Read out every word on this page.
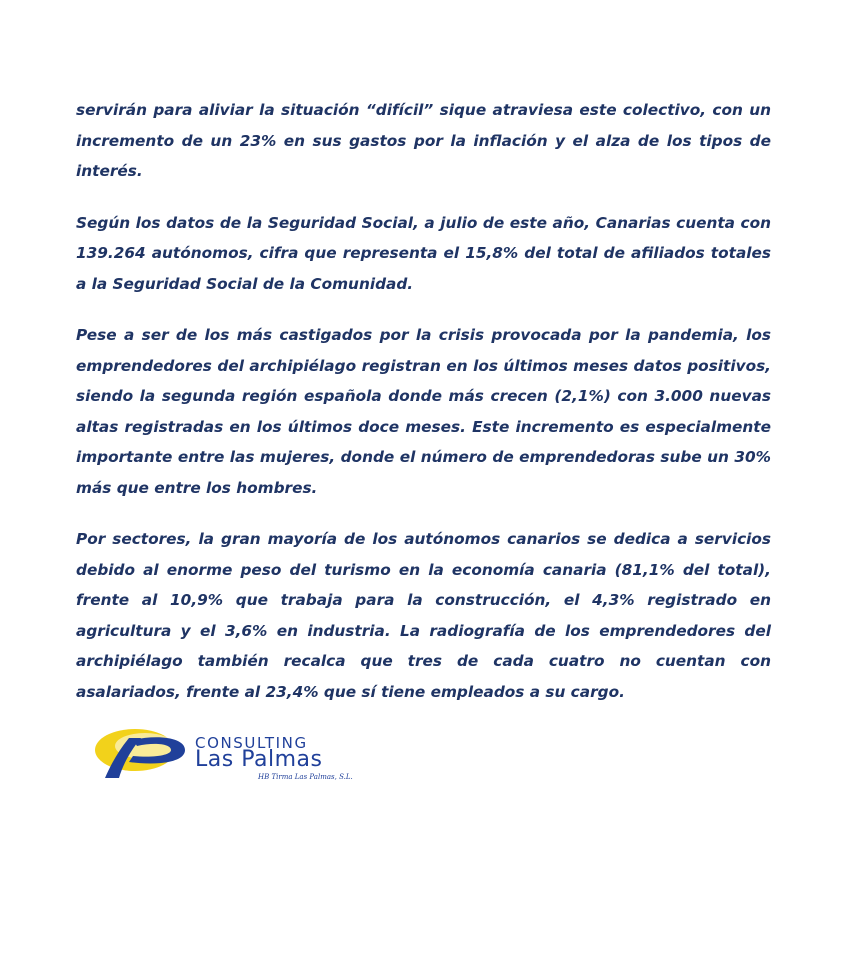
servirán para aliviar la situación “difícil” sique atraviesa este colectivo, con un incremento de un 23% en sus gastos por la inflación y el alza de los tipos de interés.

Según los datos de la Seguridad Social, a julio de este año, Canarias cuenta con 139.264 autónomos, cifra que representa el 15,8% del total de afiliados totales a la Seguridad Social de la Comunidad.

Pese a ser de los más castigados por la crisis provocada por la pandemia, los emprendedores del archipiélago registran en los últimos meses datos positivos, siendo la segunda región española donde más crecen (2,1%) con 3.000 nuevas altas registradas en los últimos doce meses. Este incremento es especialmente importante entre las mujeres, donde el número de emprendedoras sube un 30% más que entre los hombres.

Por sectores, la gran mayoría de los autónomos canarios se dedica a servicios debido al enorme peso del turismo en la economía canaria (81,1% del total), frente al 10,9% que trabaja para la construcción, el 4,3% registrado en agricultura y el 3,6% en industria. La radiografía de los emprendedores del archipiélago también recalca que tres de cada cuatro no cuentan con asalariados, frente al 23,4% que sí tiene empleados a su cargo.

HB Tirma Las Palmas, S.L.
CONSULTING
Las Palmas
